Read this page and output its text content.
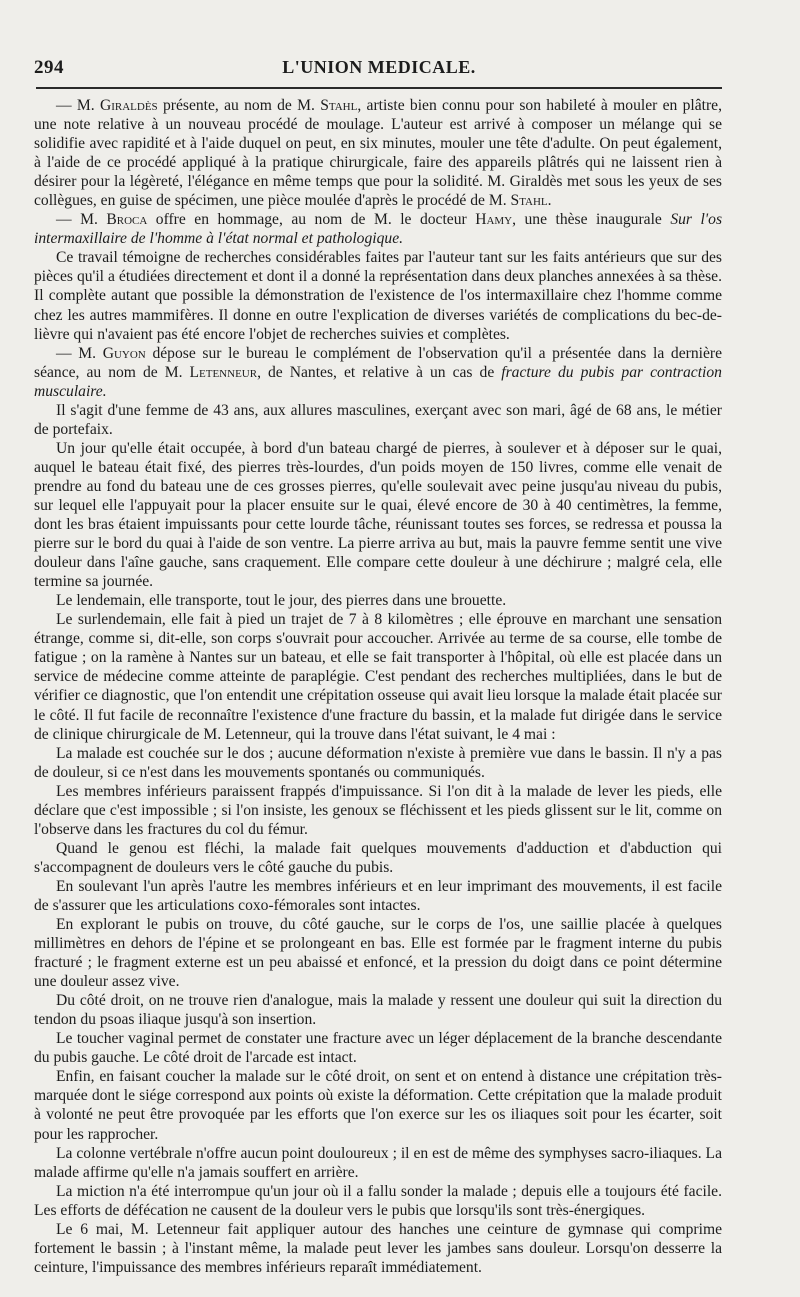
294	L'UNION MEDICALE.

— M. Giraldès présente, au nom de M. Stahl, artiste bien connu pour son habileté à mouler en plâtre, une note relative à un nouveau procédé de moulage. L'auteur est arrivé à composer un mélange qui se solidifie avec rapidité et à l'aide duquel on peut, en six minutes, mouler une tête d'adulte. On peut également, à l'aide de ce procédé appliqué à la pratique chirurgicale, faire des appareils plâtrés qui ne laissent rien à désirer pour la légèreté, l'élégance en même temps que pour la solidité. M. Giraldès met sous les yeux de ses collègues, en guise de spécimen, une pièce moulée d'après le procédé de M. Stahl.

— M. Broca offre en hommage, au nom de M. le docteur Hamy, une thèse inaugurale Sur l'os intermaxillaire de l'homme à l'état normal et pathologique.

Ce travail témoigne de recherches considérables faites par l'auteur tant sur les faits antérieurs que sur des pièces qu'il a étudiées directement et dont il a donné la représentation dans deux planches annexées à sa thèse. Il complète autant que possible la démonstration de l'existence de l'os intermaxillaire chez l'homme comme chez les autres mammifères. Il donne en outre l'explication de diverses variétés de complications du bec-de-lièvre qui n'avaient pas été encore l'objet de recherches suivies et complètes.

— M. Guyon dépose sur le bureau le complément de l'observation qu'il a présentée dans la dernière séance, au nom de M. Letenneur, de Nantes, et relative à un cas de fracture du pubis par contraction musculaire.

Il s'agit d'une femme de 43 ans, aux allures masculines, exerçant avec son mari, âgé de 68 ans, le métier de portefaix.

Un jour qu'elle était occupée, à bord d'un bateau chargé de pierres, à soulever et à déposer sur le quai, auquel le bateau était fixé, des pierres très-lourdes, d'un poids moyen de 150 livres, comme elle venait de prendre au fond du bateau une de ces grosses pierres, qu'elle soulevait avec peine jusqu'au niveau du pubis, sur lequel elle l'appuyait pour la placer ensuite sur le quai, élevé encore de 30 à 40 centimètres, la femme, dont les bras étaient impuissants pour cette lourde tâche, réunissant toutes ses forces, se redressa et poussa la pierre sur le bord du quai à l'aide de son ventre. La pierre arriva au but, mais la pauvre femme sentit une vive douleur dans l'aîne gauche, sans craquement. Elle compare cette douleur à une déchirure ; malgré cela, elle termine sa journée.

Le lendemain, elle transporte, tout le jour, des pierres dans une brouette.

Le surlendemain, elle fait à pied un trajet de 7 à 8 kilomètres ; elle éprouve en marchant une sensation étrange, comme si, dit-elle, son corps s'ouvrait pour accoucher. Arrivée au terme de sa course, elle tombe de fatigue ; on la ramène à Nantes sur un bateau, et elle se fait transporter à l'hôpital, où elle est placée dans un service de médecine comme atteinte de paraplégie. C'est pendant des recherches multipliées, dans le but de vérifier ce diagnostic, que l'on entendit une crépitation osseuse qui avait lieu lorsque la malade était placée sur le côté. Il fut facile de reconnaître l'existence d'une fracture du bassin, et la malade fut dirigée dans le service de clinique chirurgicale de M. Letenneur, qui la trouve dans l'état suivant, le 4 mai :

La malade est couchée sur le dos ; aucune déformation n'existe à première vue dans le bassin. Il n'y a pas de douleur, si ce n'est dans les mouvements spontanés ou communiqués.

Les membres inférieurs paraissent frappés d'impuissance. Si l'on dit à la malade de lever les pieds, elle déclare que c'est impossible ; si l'on insiste, les genoux se fléchissent et les pieds glissent sur le lit, comme on l'observe dans les fractures du col du fémur.

Quand le genou est fléchi, la malade fait quelques mouvements d'adduction et d'abduction qui s'accompagnent de douleurs vers le côté gauche du pubis.

En soulevant l'un après l'autre les membres inférieurs et en leur imprimant des mouvements, il est facile de s'assurer que les articulations coxo-fémorales sont intactes.

En explorant le pubis on trouve, du côté gauche, sur le corps de l'os, une saillie placée à quelques millimètres en dehors de l'épine et se prolongeant en bas. Elle est formée par le fragment interne du pubis fracturé ; le fragment externe est un peu abaissé et enfoncé, et la pression du doigt dans ce point détermine une douleur assez vive.

Du côté droit, on ne trouve rien d'analogue, mais la malade y ressent une douleur qui suit la direction du tendon du psoas iliaque jusqu'à son insertion.

Le toucher vaginal permet de constater une fracture avec un léger déplacement de la branche descendante du pubis gauche. Le côté droit de l'arcade est intact.

Enfin, en faisant coucher la malade sur le côté droit, on sent et on entend à distance une crépitation très-marquée dont le siége correspond aux points où existe la déformation. Cette crépitation que la malade produit à volonté ne peut être provoquée par les efforts que l'on exerce sur les os iliaques soit pour les écarter, soit pour les rapprocher.

La colonne vertébrale n'offre aucun point douloureux ; il en est de même des symphyses sacro-iliaques. La malade affirme qu'elle n'a jamais souffert en arrière.

La miction n'a été interrompue qu'un jour où il a fallu sonder la malade ; depuis elle a toujours été facile. Les efforts de défécation ne causent de la douleur vers le pubis que lorsqu'ils sont très-énergiques.

Le 6 mai, M. Letenneur fait appliquer autour des hanches une ceinture de gymnase qui comprime fortement le bassin ; à l'instant même, la malade peut lever les jambes sans douleur. Lorsqu'on desserre la ceinture, l'impuissance des membres inférieurs reparaît immédiatement.
